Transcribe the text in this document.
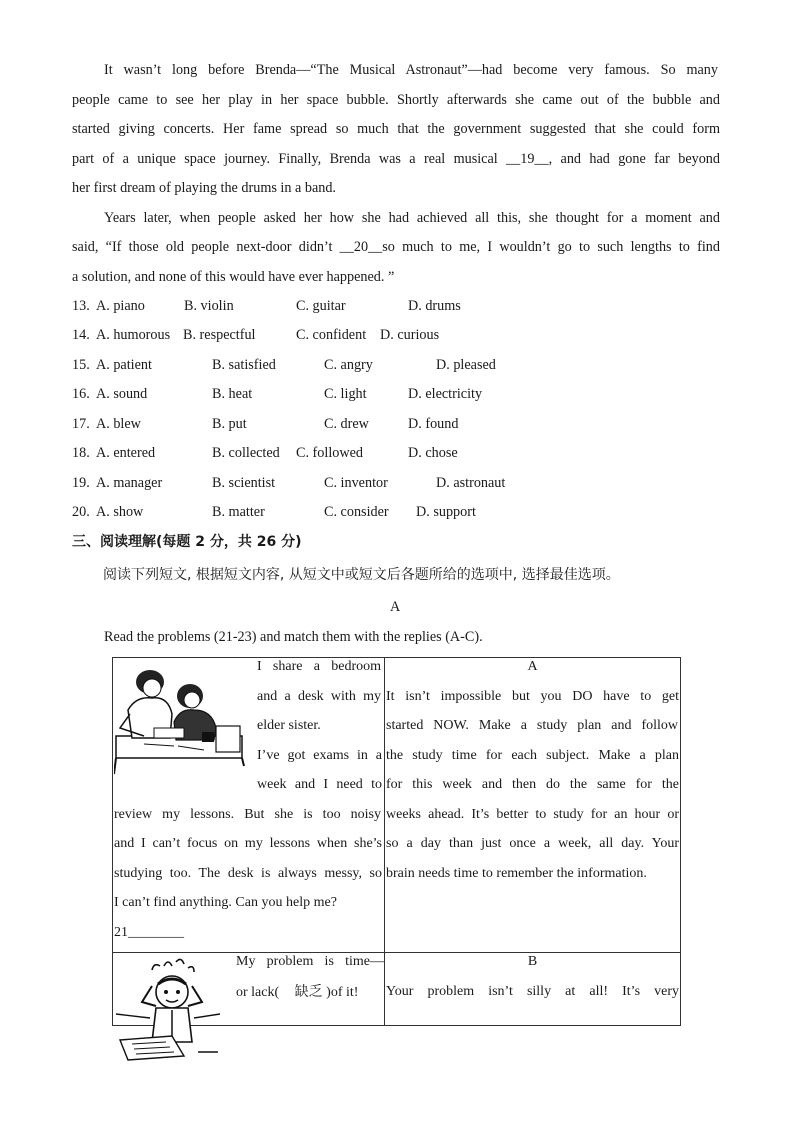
It wasn’t long before Brenda—“The Musical Astronaut”—had become very famous. So many
people came to see her play in her space bubble. Shortly afterwards she came out of the bubble and
started giving concerts. Her fame spread so much that the government suggested that she could form
part of a unique space journey. Finally, Brenda was a real musical __19__, and had gone far beyond
her first dream of playing the drums in a band.
Years later, when people asked her how she had achieved all this, she thought for a moment and
said, “If those old people next-door didn’t __20__so much to me, I wouldn’t go to such lengths to find
a solution, and none of this would have ever happened. ”
13. A. piano	B. violin	C. guitar	D. drums
14. A. humorous B. respectful	C. confident D. curious
15. A. patient	B. satisfied	C. angry	D. pleased
16. A. sound	B. heat	C. light	D. electricity
17. A. blew	B. put	C. drew	D. found
18. A. entered	B. collected C. followed	D. chose
19. A. manager	B. scientist	C. inventor	D. astronaut
20. A. show	B. matter	C. consider D. support
三、阅读理解(每题 2 分，共 26 分)
阅读下列短文, 根据短文内容, 从短文中或短文后各题所给的选项中, 选择最佳选项。
A
Read the problems (21-23) and match them with the replies (A-C).
I share a bedroom
and a desk with my
elder sister.
I’ve got exams in a
week and I need to
review my lessons. But she is too noisy
and I can’t focus on my lessons when she’s
studying too. The desk is always messy, so
I can’t find anything. Can you help me?
21________
A
It isn’t impossible but you DO have to get
started NOW. Make a study plan and follow
the study time for each subject. Make a plan
for this week and then do the same for the
weeks ahead. It’s better to study for an hour or
so a day than just once a week, all day. Your
brain needs time to remember the information.
My problem is time—
or lack( 缺乏 )of it!
B
Your problem isn’t silly at all! It’s very
